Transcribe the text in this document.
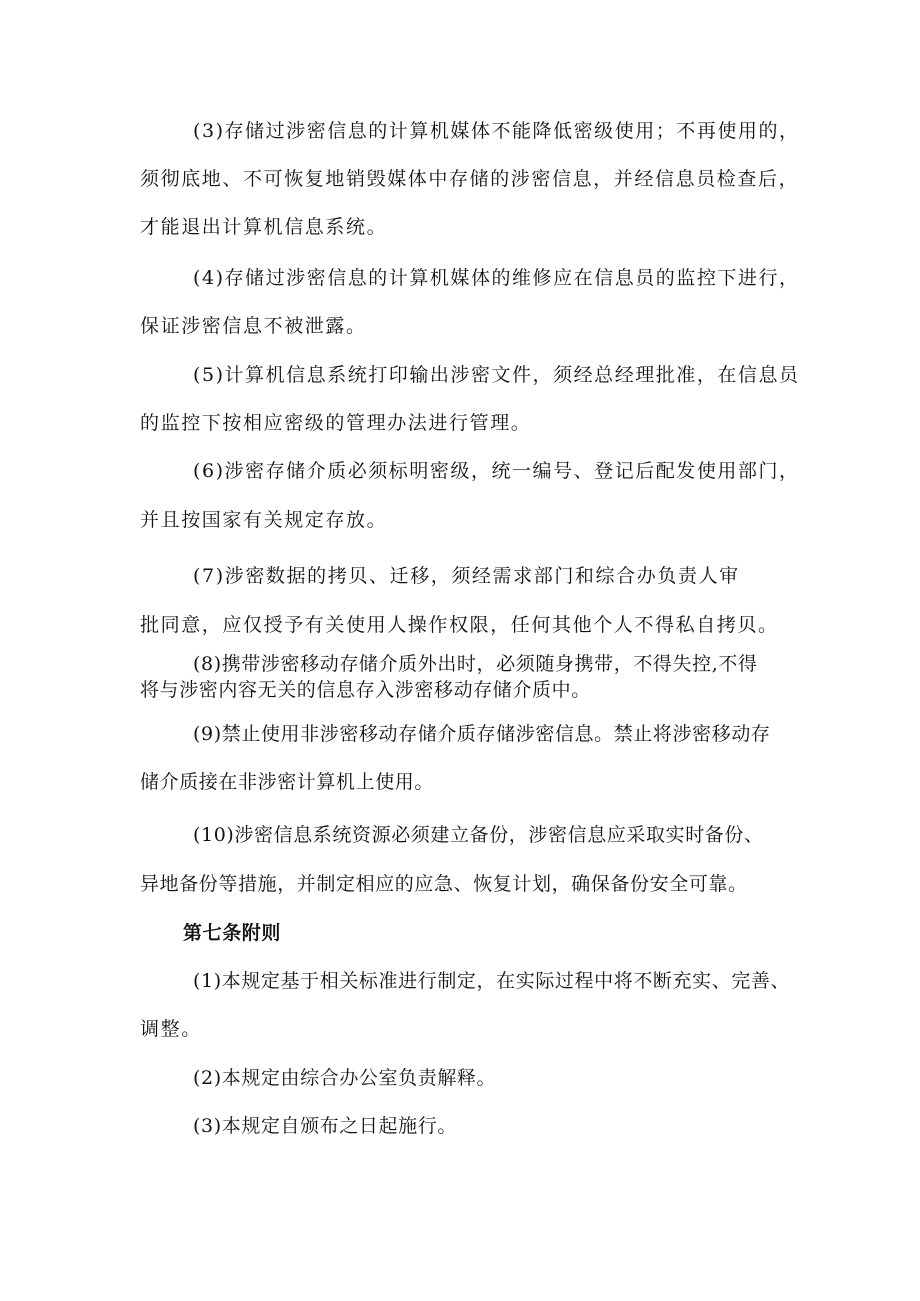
(3)存储过涉密信息的计算机媒体不能降低密级使用；不再使用的，
须彻底地、不可恢复地销毁媒体中存储的涉密信息，并经信息员检查后，
才能退出计算机信息系统。
(4)存储过涉密信息的计算机媒体的维修应在信息员的监控下进行，
保证涉密信息不被泄露。
(5)计算机信息系统打印输出涉密文件，须经总经理批准，在信息员
的监控下按相应密级的管理办法进行管理。
(6)涉密存储介质必须标明密级，统一编号、登记后配发使用部门，
并且按国家有关规定存放。
(7)涉密数据的拷贝、迁移，须经需求部门和综合办负责人审
批同意，应仅授予有关使用人操作权限，任何其他个人不得私自拷贝。
(8)携带涉密移动存储介质外出时，必须随身携带，不得失控,不得
将与涉密内容无关的信息存入涉密移动存储介质中。
(9)禁止使用非涉密移动存储介质存储涉密信息。禁止将涉密移动存
储介质接在非涉密计算机上使用。
(10)涉密信息系统资源必须建立备份，涉密信息应采取实时备份、
异地备份等措施，并制定相应的应急、恢复计划，确保备份安全可靠。
第七条附则
(1)本规定基于相关标准进行制定，在实际过程中将不断充实、完善、
调整。
(2)本规定由综合办公室负责解释。
(3)本规定自颁布之日起施行。
